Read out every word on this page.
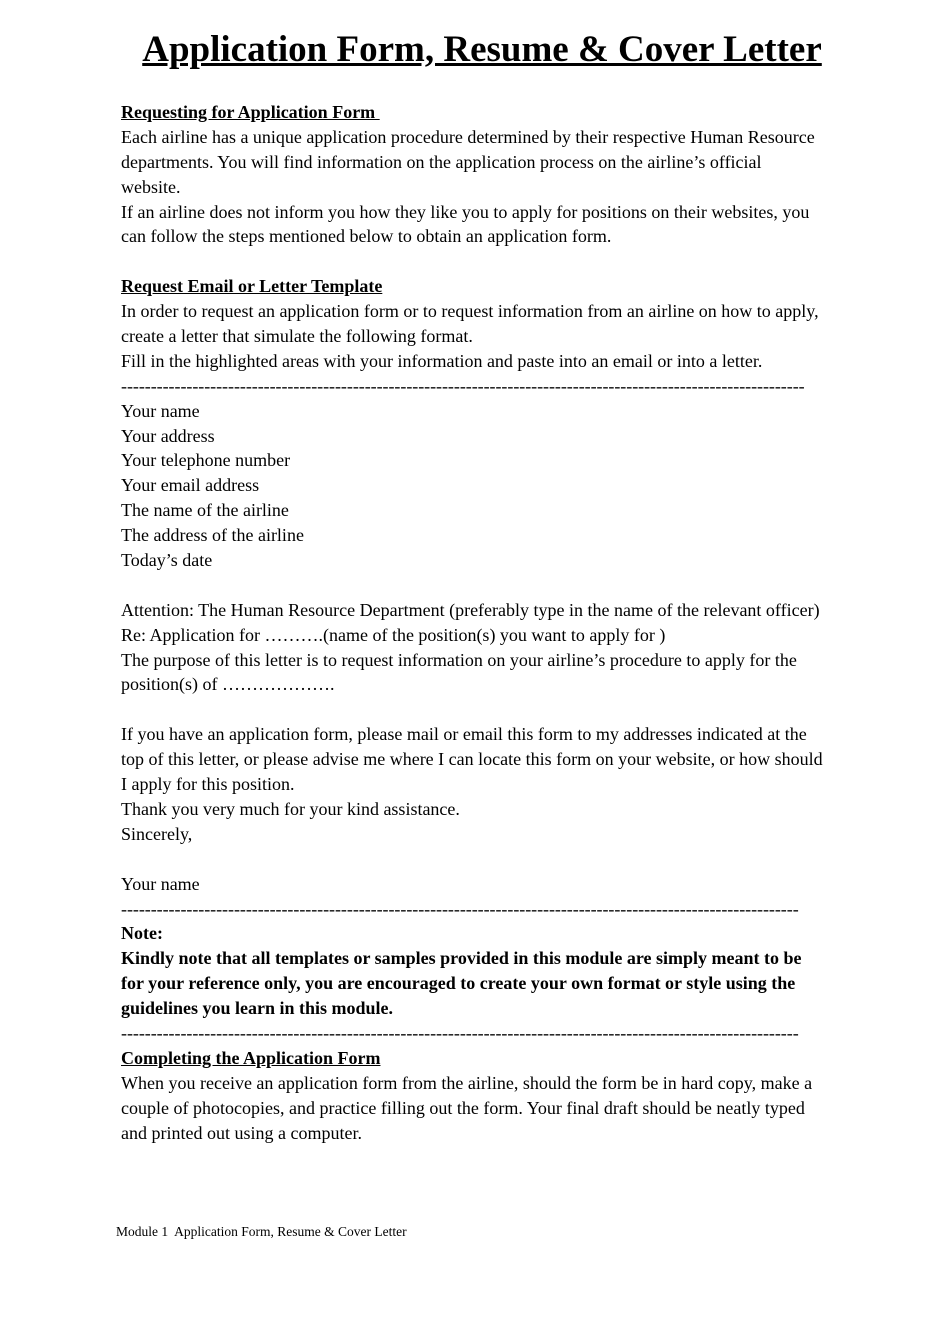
Application Form, Resume & Cover Letter
Requesting for Application Form
Each airline has a unique application procedure determined by their respective Human Resource
departments. You will find information on the application process on the airline’s official
website.
If an airline does not inform you how they like you to apply for positions on their websites, you
can follow the steps mentioned below to obtain an application form.
Request Email or Letter Template
In order to request an application form or to request information from an airline on how to apply,
create a letter that simulate the following format.
Fill in the highlighted areas with your information and paste into an email or into a letter.
-------------------------------------------------------------------------------------------------------------------
Your name
Your address
Your telephone number
Your email address
The name of the airline
The address of the airline
Today’s date
Attention: The Human Resource Department (preferably type in the name of the relevant officer)
Re: Application for ……….(name of the position(s) you want to apply for )
The purpose of this letter is to request information on your airline’s procedure to apply for the
position(s) of ……………….
If you have an application form, please mail or email this form to my addresses indicated at the
top of this letter, or please advise me where I can locate this form on your website, or how should
I apply for this position.
Thank you very much for your kind assistance.
Sincerely,
Your name
------------------------------------------------------------------------------------------------------------------
Note:
Kindly note that all templates or samples provided in this module are simply meant to be
for your reference only, you are encouraged to create your own format or style using the
guidelines you learn in this module.
------------------------------------------------------------------------------------------------------------------
Completing the Application Form
When you receive an application form from the airline, should the form be in hard copy, make a
couple of photocopies, and practice filling out the form. Your final draft should be neatly typed
and printed out using a computer.
Module 1  Application Form, Resume & Cover Letter
